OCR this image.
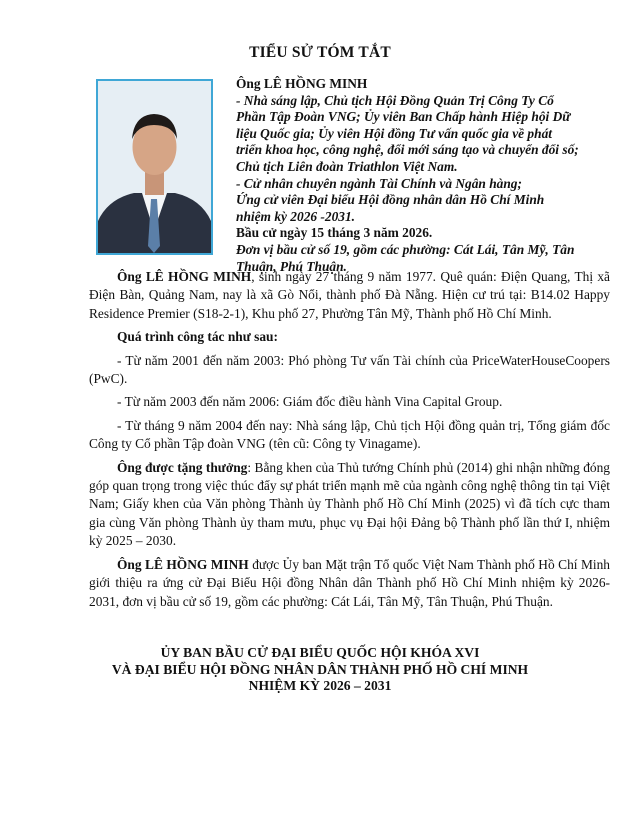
TIỂU SỬ TÓM TẮT
Ông LÊ HỒNG MINH
- Nhà sáng lập, Chủ tịch Hội Đồng Quản Trị Công Ty Cổ Phần Tập Đoàn VNG; Ủy viên Ban Chấp hành Hiệp hội Dữ liệu Quốc gia; Ủy viên Hội đồng Tư vấn quốc gia về phát triển khoa học, công nghệ, đổi mới sáng tạo và chuyển đổi số; Chủ tịch Liên đoàn Triathlon Việt Nam.
- Cử nhân chuyên ngành Tài Chính và Ngân hàng;
Ứng cử viên Đại biểu Hội đồng nhân dân Hồ Chí Minh nhiệm kỳ 2026 -2031.
Bầu cử ngày 15 tháng 3 năm 2026.
Đơn vị bầu cử số 19, gồm các phường: Cát Lái, Tân Mỹ, Tân Thuận, Phú Thuận.

Ông LÊ HỒNG MINH, sinh ngày 27 tháng 9 năm 1977. Quê quán: Điện Quang, Thị xã Điện Bàn, Quảng Nam, nay là xã Gò Nổi, thành phố Đà Nẵng. Hiện cư trú tại: B14.02 Happy Residence Premier (S18-2-1), Khu phố 27, Phường Tân Mỹ, Thành phố Hồ Chí Minh.

Quá trình công tác như sau:

- Từ năm 2001 đến năm 2003: Phó phòng Tư vấn Tài chính của PriceWaterHouseCoopers (PwC).

- Từ năm 2003 đến năm 2006: Giám đốc điều hành Vina Capital Group.

- Từ tháng 9 năm 2004 đến nay: Nhà sáng lập, Chủ tịch Hội đồng quản trị, Tổng giám đốc Công ty Cổ phần Tập đoàn VNG (tên cũ: Công ty Vinagame).

Ông được tặng thưởng: Bằng khen của Thủ tướng Chính phủ (2014) ghi nhận những đóng góp quan trọng trong việc thúc đẩy sự phát triển mạnh mẽ của ngành công nghệ thông tin tại Việt Nam; Giấy khen của Văn phòng Thành ủy Thành phố Hồ Chí Minh (2025) vì đã tích cực tham gia cùng Văn phòng Thành ủy tham mưu, phục vụ Đại hội Đảng bộ Thành phố lần thứ I, nhiệm kỳ 2025 – 2030.

Ông LÊ HỒNG MINH được Ủy ban Mặt trận Tổ quốc Việt Nam Thành phố Hồ Chí Minh giới thiệu ra ứng cử Đại Biểu Hội đồng Nhân dân Thành phố Hồ Chí Minh nhiệm kỳ 2026- 2031, đơn vị bầu cử số 19, gồm các phường: Cát Lái, Tân Mỹ, Tân Thuận, Phú Thuận.

ỦY BAN BẦU CỬ ĐẠI BIỂU QUỐC HỘI KHÓA XVI
VÀ ĐẠI BIỂU HỘI ĐỒNG NHÂN DÂN THÀNH PHỐ HỒ CHÍ MINH
NHIỆM KỲ 2026 – 2031
